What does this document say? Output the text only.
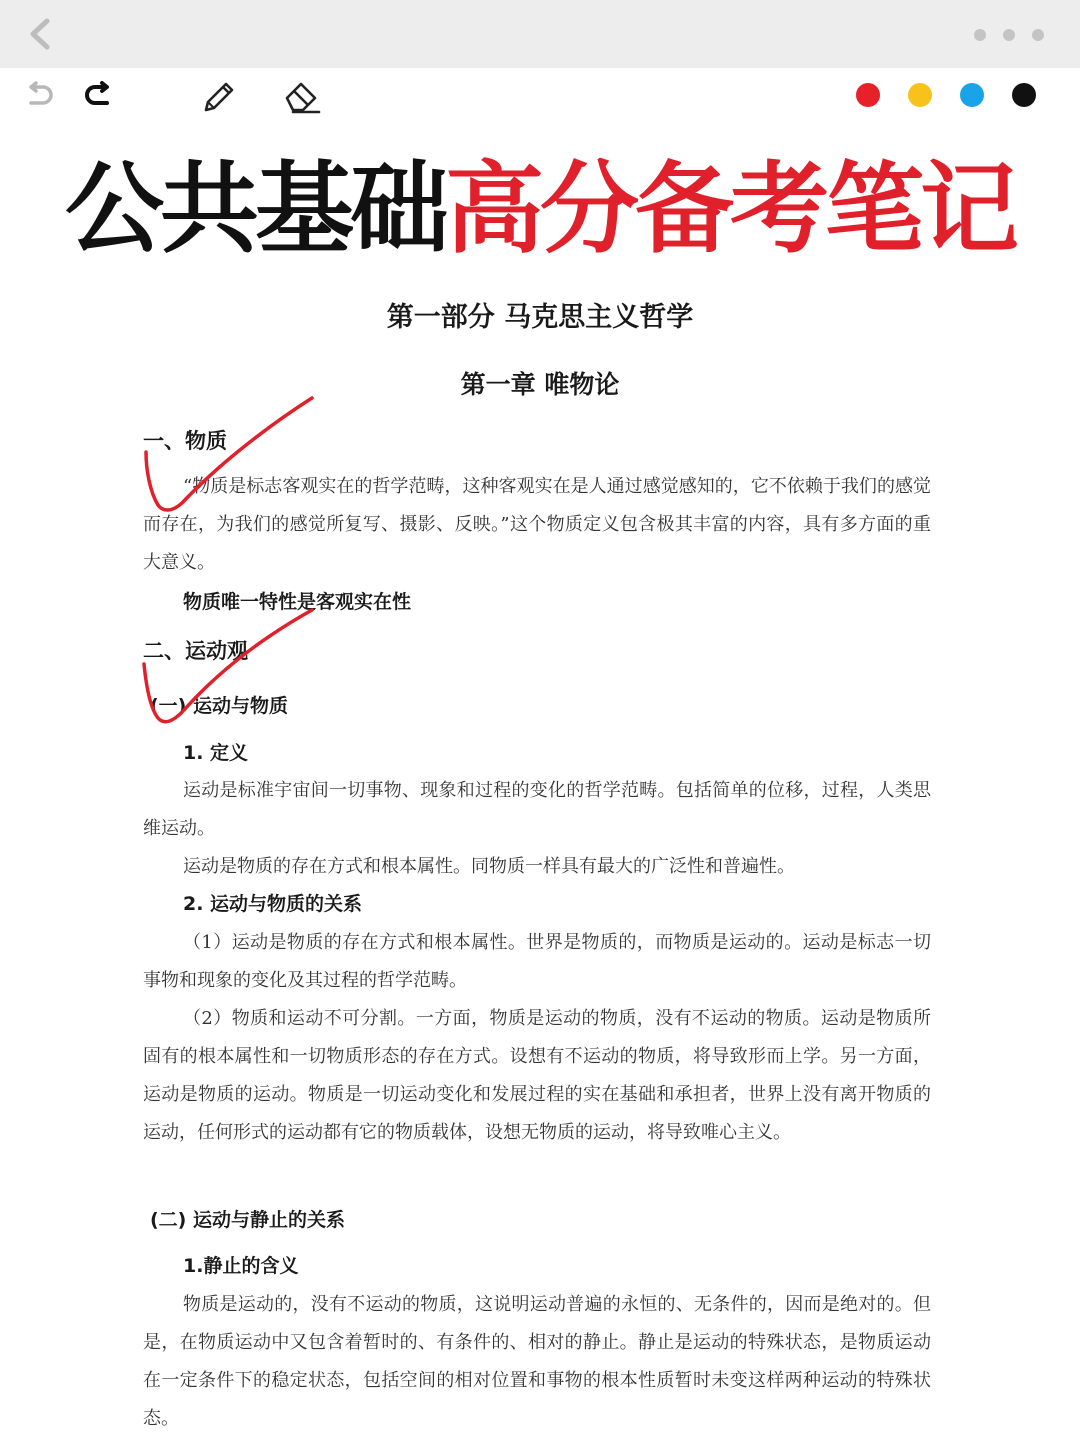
公共基础高分备考笔记
第一部分 马克思主义哲学
第一章 唯物论
一、物质

“物质是标志客观实在的哲学范畴，这种客观实在是人通过感觉感知的，它不依赖于我们的感觉而存在，为我们的感觉所复写、摄影、反映。”这个物质定义包含极其丰富的内容，具有多方面的重大意义。

物质唯一特性是客观实在性
二、运动观
(一) 运动与物质
1. 定义

运动是标准宇宙间一切事物、现象和过程的变化的哲学范畴。包括简单的位移，过程，人类思维运动。

运动是物质的存在方式和根本属性。同物质一样具有最大的广泛性和普遍性。

2. 运动与物质的关系

（1）运动是物质的存在方式和根本属性。世界是物质的，而物质是运动的。运动是标志一切事物和现象的变化及其过程的哲学范畴。

（2）物质和运动不可分割。一方面，物质是运动的物质，没有不运动的物质。运动是物质所固有的根本属性和一切物质形态的存在方式。设想有不运动的物质，将导致形而上学。另一方面，运动是物质的运动。物质是一切运动变化和发展过程的实在基础和承担者，世界上没有离开物质的运动，任何形式的运动都有它的物质载体，设想无物质的运动，将导致唯心主义。

(二) 运动与静止的关系
1.静止的含义

物质是运动的，没有不运动的物质，这说明运动普遍的永恒的、无条件的，因而是绝对的。但是，在物质运动中又包含着暂时的、有条件的、相对的静止。静止是运动的特殊状态，是物质运动在一定条件下的稳定状态，包括空间的相对位置和事物的根本性质暂时未变这样两种运动的特殊状态。
